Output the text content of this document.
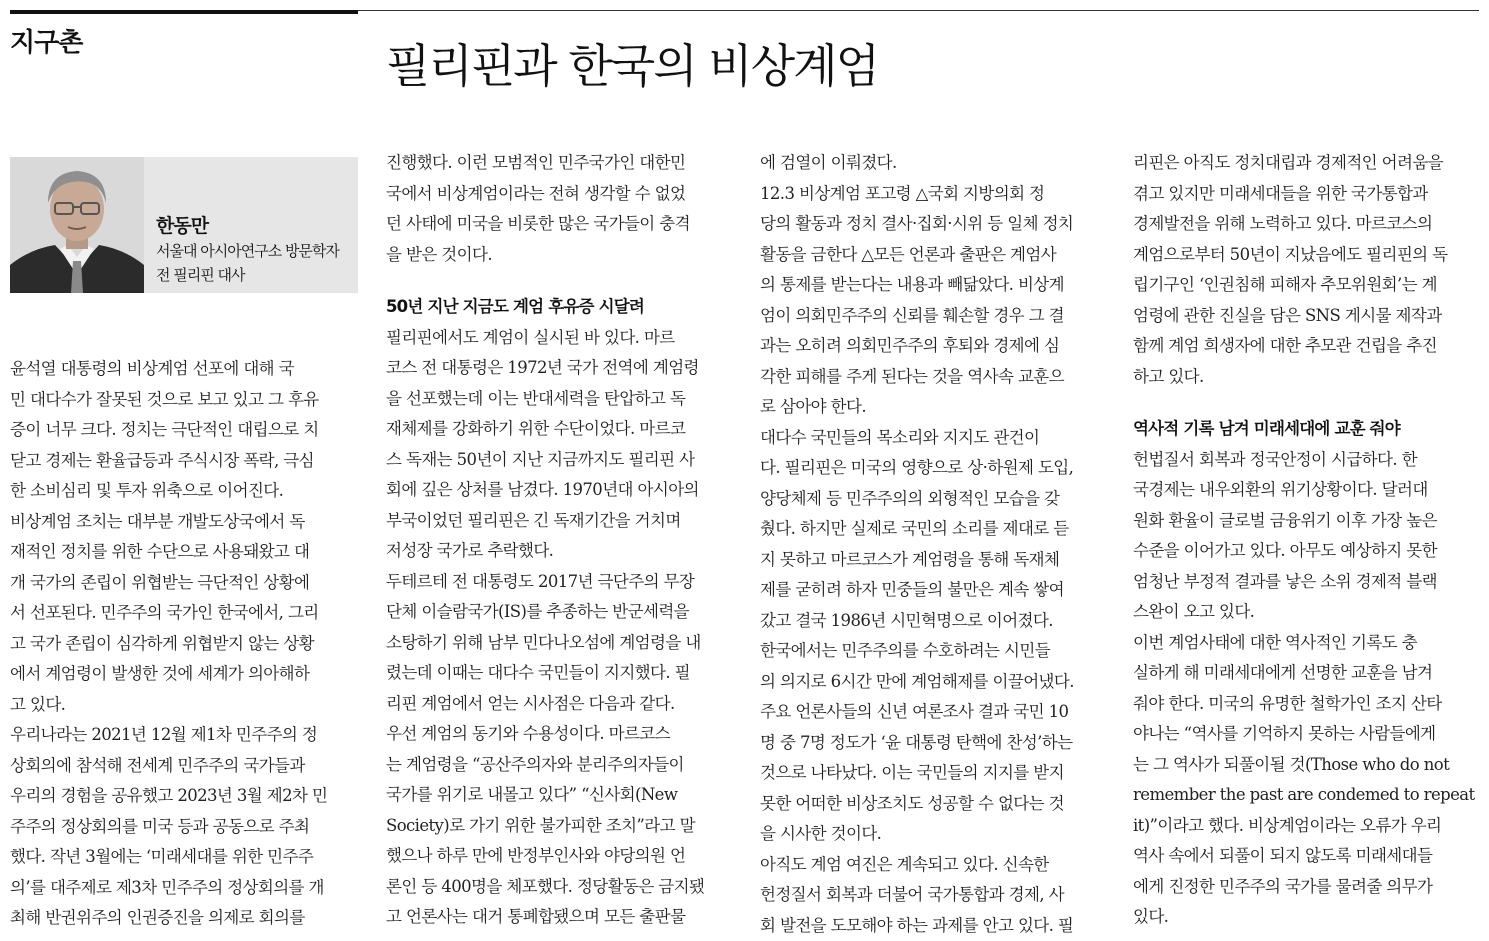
지구촌	필리핀과 한국의 비상계엄
한동만
서울대 아시아연구소 방문학자
전 필리핀 대사
윤석열 대통령의 비상계엄 선포에 대해 국
민 대다수가 잘못된 것으로 보고 있고 그 후유
증이 너무 크다. 정치는 극단적인 대립으로 치
닫고 경제는 환율급등과 주식시장 폭락, 극심
한 소비심리 및 투자 위축으로 이어진다.
비상계엄 조치는 대부분 개발도상국에서 독
재적인 정치를 위한 수단으로 사용돼왔고 대
개 국가의 존립이 위협받는 극단적인 상황에
서 선포된다. 민주주의 국가인 한국에서, 그리
고 국가 존립이 심각하게 위협받지 않는 상황
에서 계엄령이 발생한 것에 세계가 의아해하
고 있다.
우리나라는 2021년 12월 제1차 민주주의 정
상회의에 참석해 전세계 민주주의 국가들과
우리의 경험을 공유했고 2023년 3월 제2차 민
주주의 정상회의를 미국 등과 공동으로 주최
했다. 작년 3월에는 ‘미래세대를 위한 민주주
의’를 대주제로 제3차 민주주의 정상회의를 개
최해 반권위주의 인권증진을 의제로 회의를
진행했다. 이런 모범적인 민주국가인 대한민
국에서 비상계엄이라는 전혀 생각할 수 없었
던 사태에 미국을 비롯한 많은 국가들이 충격
을 받은 것이다.
50년 지난 지금도 계엄 후유증 시달려
필리핀에서도 계엄이 실시된 바 있다. 마르
코스 전 대통령은 1972년 국가 전역에 계엄령
을 선포했는데 이는 반대세력을 탄압하고 독
재체제를 강화하기 위한 수단이었다. 마르코
스 독재는 50년이 지난 지금까지도 필리핀 사
회에 깊은 상처를 남겼다. 1970년대 아시아의
부국이었던 필리핀은 긴 독재기간을 거치며
저성장 국가로 추락했다.
두테르테 전 대통령도 2017년 극단주의 무장
단체 이슬람국가(IS)를 추종하는 반군세력을
소탕하기 위해 남부 민다나오섬에 계엄령을 내
렸는데 이때는 대다수 국민들이 지지했다. 필
리핀 계엄에서 얻는 시사점은 다음과 같다.
우선 계엄의 동기와 수용성이다. 마르코스
는 계엄령을 “공산주의자와 분리주의자들이
국가를 위기로 내몰고 있다” “신사회(New
Society)로 가기 위한 불가피한 조치”라고 말
했으나 하루 만에 반정부인사와 야당의원 언
론인 등 400명을 체포했다. 정당활동은 금지됐
고 언론사는 대거 통폐합됐으며 모든 출판물
에 검열이 이뤄졌다.
12.3 비상계엄 포고령 △국회 지방의회 정
당의 활동과 정치 결사·집회·시위 등 일체 정치
활동을 금한다 △모든 언론과 출판은 계엄사
의 통제를 받는다는 내용과 빼닮았다. 비상계
엄이 의회민주주의 신뢰를 훼손할 경우 그 결
과는 오히려 의회민주주의 후퇴와 경제에 심
각한 피해를 주게 된다는 것을 역사속 교훈으
로 삼아야 한다.
대다수 국민들의 목소리와 지지도 관건이
다. 필리핀은 미국의 영향으로 상·하원제 도입,
양당체제 등 민주주의의 외형적인 모습을 갖
췄다. 하지만 실제로 국민의 소리를 제대로 듣
지 못하고 마르코스가 계엄령을 통해 독재체
제를 굳히려 하자 민중들의 불만은 계속 쌓여
갔고 결국 1986년 시민혁명으로 이어졌다.
한국에서는 민주주의를 수호하려는 시민들
의 의지로 6시간 만에 계엄해제를 이끌어냈다.
주요 언론사들의 신년 여론조사 결과 국민 10
명 중 7명 정도가 ‘윤 대통령 탄핵에 찬성’하는
것으로 나타났다. 이는 국민들의 지지를 받지
못한 어떠한 비상조치도 성공할 수 없다는 것
을 시사한 것이다.
아직도 계엄 여진은 계속되고 있다. 신속한
헌정질서 회복과 더불어 국가통합과 경제, 사
회 발전을 도모해야 하는 과제를 안고 있다. 필
리핀은 아직도 정치대립과 경제적인 어려움을
겪고 있지만 미래세대들을 위한 국가통합과
경제발전을 위해 노력하고 있다. 마르코스의
계엄으로부터 50년이 지났음에도 필리핀의 독
립기구인 ‘인권침해 피해자 추모위원회’는 계
엄령에 관한 진실을 담은 SNS 게시물 제작과
함께 계엄 희생자에 대한 추모관 건립을 추진
하고 있다.
역사적 기록 남겨 미래세대에 교훈 줘야
헌법질서 회복과 정국안정이 시급하다. 한
국경제는 내우외환의 위기상황이다. 달러대
원화 환율이 글로벌 금융위기 이후 가장 높은
수준을 이어가고 있다. 아무도 예상하지 못한
엄청난 부정적 결과를 낳은 소위 경제적 블랙
스완이 오고 있다.
이번 계엄사태에 대한 역사적인 기록도 충
실하게 해 미래세대에게 선명한 교훈을 남겨
줘야 한다. 미국의 유명한 철학가인 조지 산타
야나는 “역사를 기억하지 못하는 사람들에게
는 그 역사가 되풀이될 것(Those who do not
remember the past are condemed to repeat
it)”이라고 했다. 비상계엄이라는 오류가 우리
역사 속에서 되풀이 되지 않도록 미래세대들
에게 진정한 민주주의 국가를 물려줄 의무가
있다.
